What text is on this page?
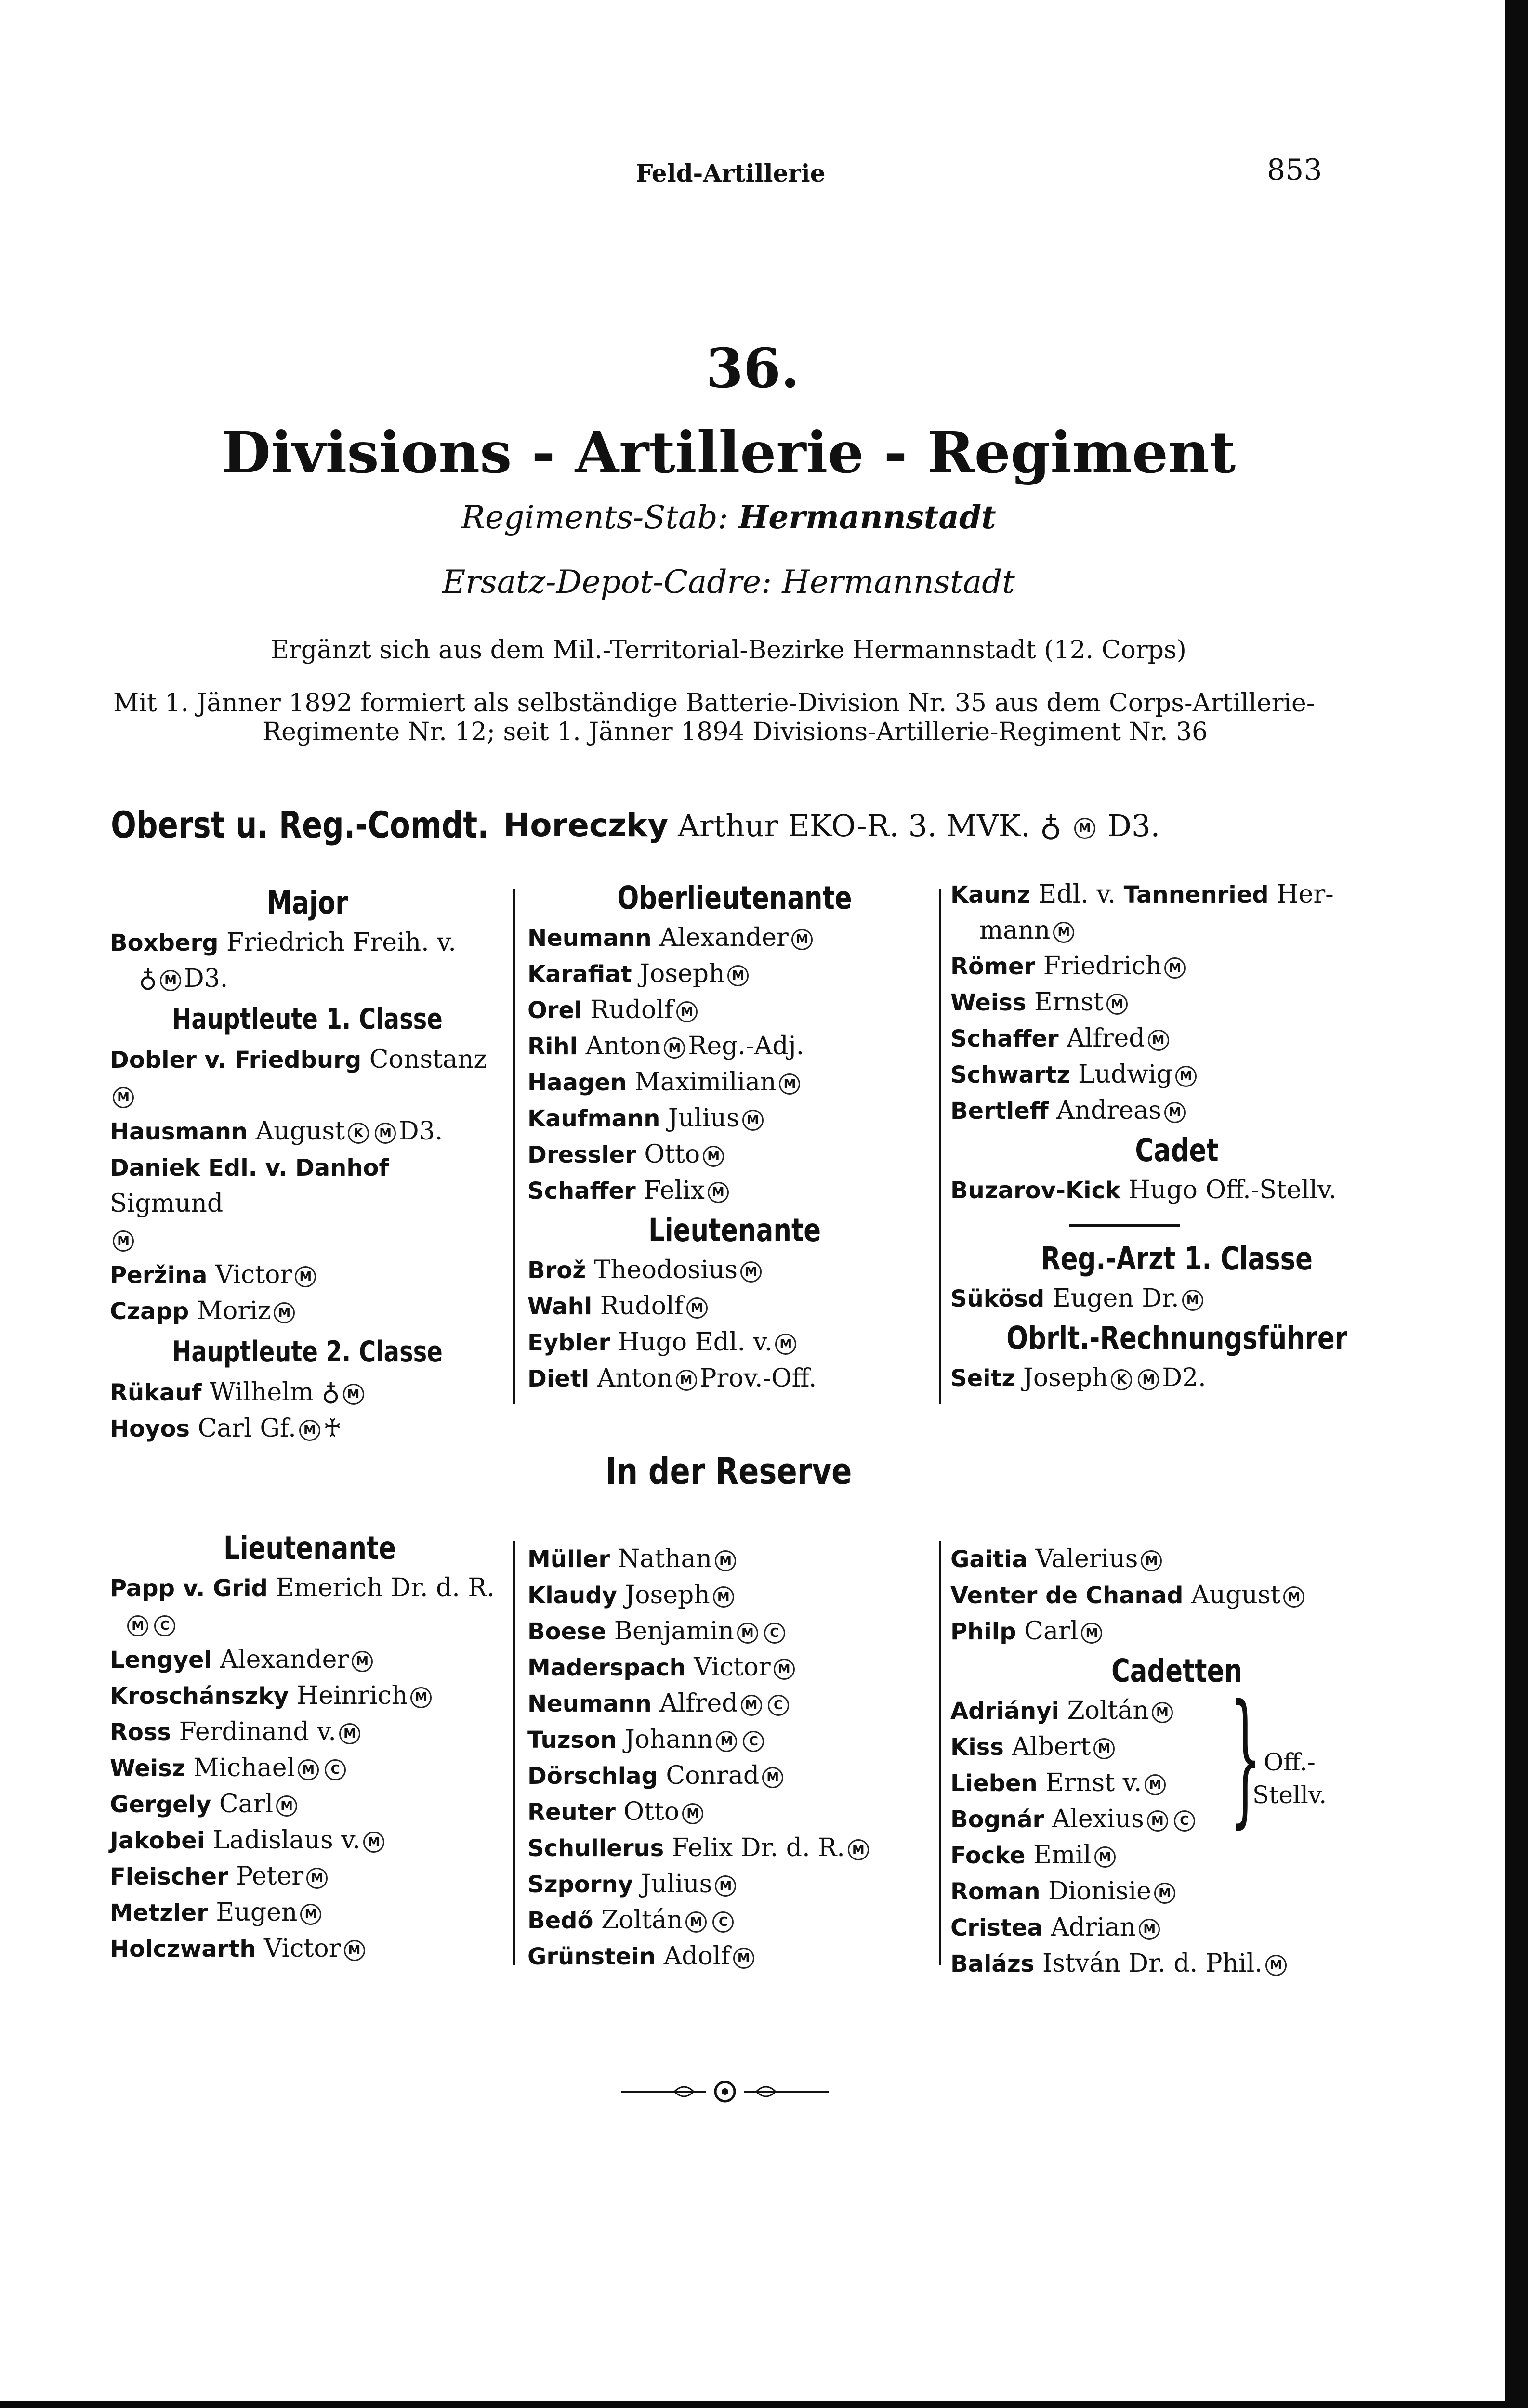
Feld-Artillerie	853
36.
Divisions - Artillerie - Regiment
Regiments-Stab: Hermannstadt
Ersatz-Depot-Cadre: Hermannstadt
Ergänzt sich aus dem Mil.-Territorial-Bezirke Hermannstadt (12. Corps)
Mit 1. Jänner 1892 formiert als selbständige Batterie-Division Nr. 35 aus dem Corps-Artillerie-
Regimente Nr. 12; seit 1. Jänner 1894 Divisions-Artillerie-Regiment Nr. 36
Oberst u. Reg.-Comdt. Horeczky Arthur EKO-R. 3. MVK. ♁ M D3.
Major
Boxberg Friedrich Freih. v.
♁ M D3.
Hauptleute 1. Classe
Dobler v. Friedburg ConstanzM
Hausmann August K M D3.
Daniek Edl. v. Danhof Sigmund
M
Peržina Victor M
Czapp Moriz M
Hauptleute 2. Classe
Rükauf Wilhelm ♁ M
Hoyos Carl Gf. M ♰
Oberlieutenante
Neumann Alexander M
Karafiat Joseph M
Orel Rudolf M
Rihl Anton M Reg.-Adj.
Haagen Maximilian M
Kaufmann Julius M
Dressler Otto M
Schaffer Felix M
Lieutenante
Brož Theodosius M
Wahl Rudolf M
Eybler Hugo Edl. v. M
Dietl Anton M Prov.-Off.
Kaunz Edl. v. Tannenried Her-
mann M
Römer Friedrich M
Weiss Ernst M
Schaffer Alfred M
Schwartz Ludwig M
Bertleff Andreas M
Cadet
Buzarov-Kick Hugo Off.-Stellv.
Reg.-Arzt 1. Classe
Sükösd Eugen Dr. M
Obrlt.-Rechnungsführer
Seitz Joseph K M D2.
In der Reserve
Lieutenante
Papp v. Grid Emerich Dr. d. R.
M C
Lengyel Alexander M
Kroschánszky Heinrich M
Ross Ferdinand v. M
Weisz Michael M C
Gergely Carl M
Jakobei Ladislaus v. M
Fleischer Peter M
Metzler Eugen M
Holczwarth Victor M
Müller Nathan M
Klaudy Joseph M
Boese Benjamin M C
Maderspach Victor M
Neumann Alfred M C
Tuzson Johann M C
Dörschlag Conrad M
Reuter Otto M
Schullerus Felix Dr. d. R. M
Szporny Julius M
Bedő Zoltán M C
Grünstein Adolf M
Gaitia Valerius M
Venter de Chanad August M
Philp Carl M
Cadetten
Adriányi Zoltán M
Kiss Albert M
Lieben Ernst v. M
Bognár Alexius M C
Focke Emil M
Roman Dionisie M
Cristea Adrian M
Balázs István Dr. d. Phil. M
} Off.-
Stellv.
